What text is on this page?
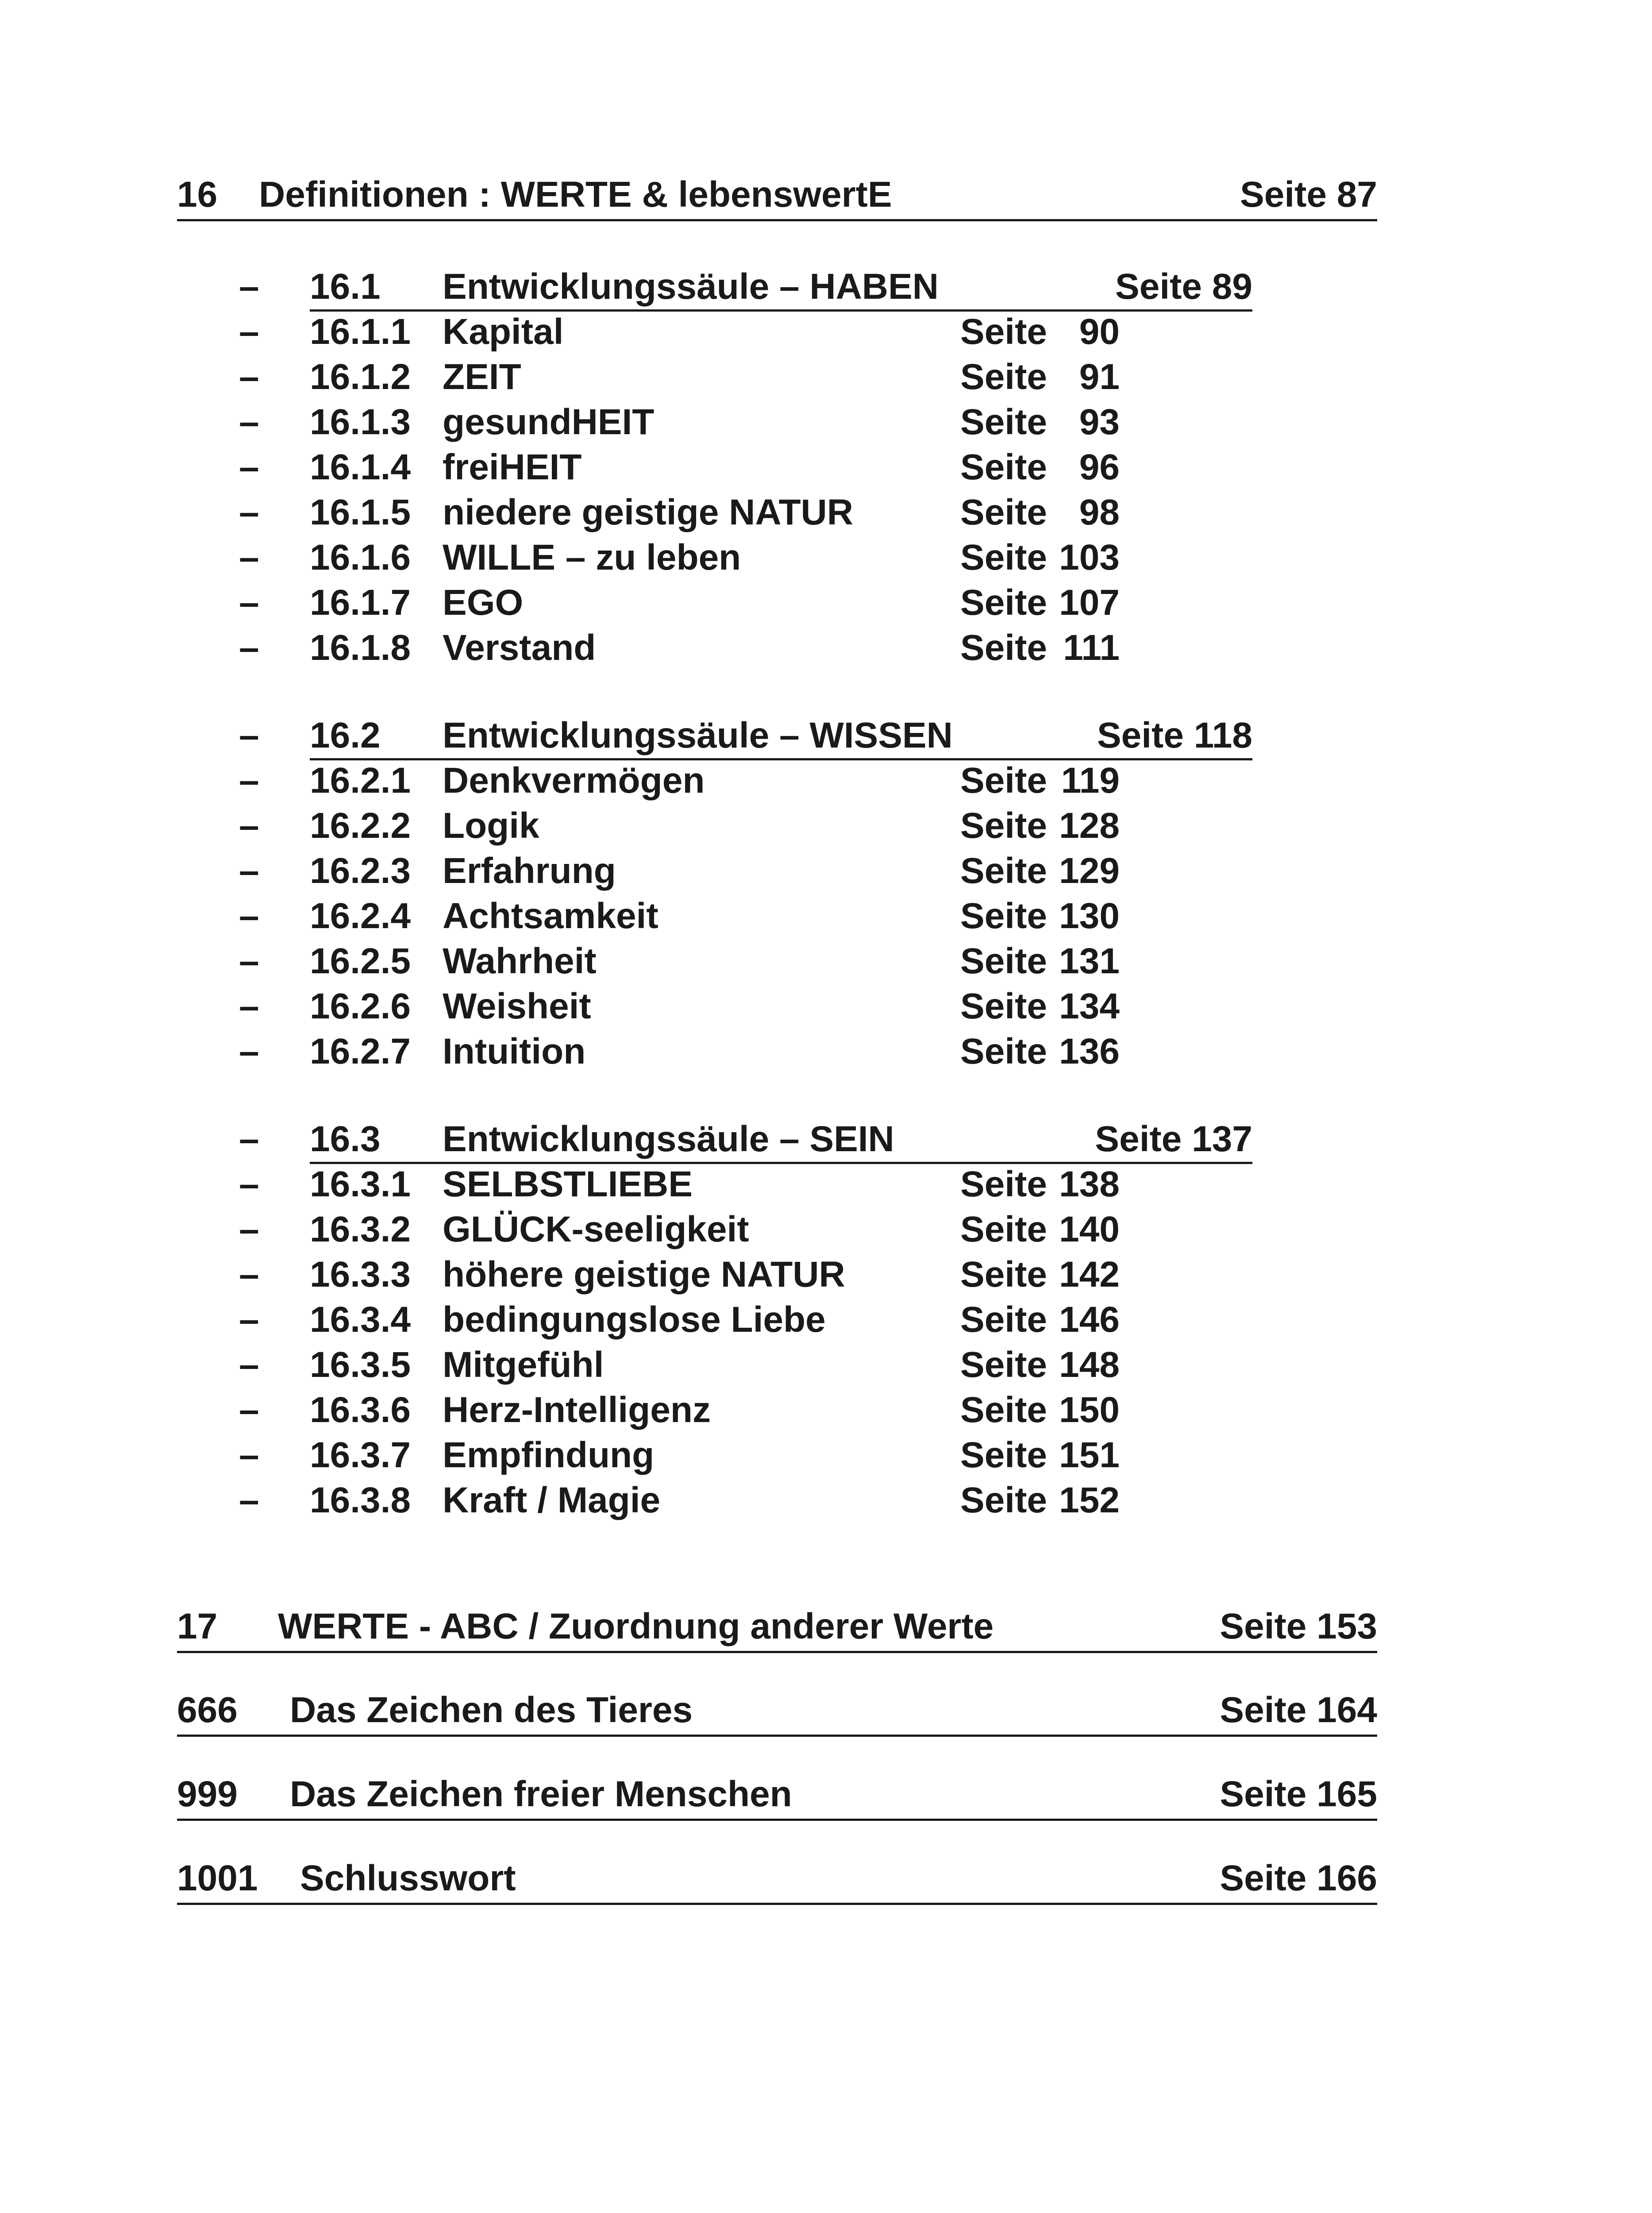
16 Definitionen : WERTE & lebenswertE	Seite 87
– 16.1 Entwicklungssäule – HABEN	Seite 89
– 16.1.1 Kapital	Seite 90
– 16.1.2 ZEIT	Seite 91
– 16.1.3 gesundHEIT	Seite 93
– 16.1.4 freiHEIT	Seite 96
– 16.1.5 niedere geistige NATUR	Seite 98
– 16.1.6 WILLE – zu leben	Seite 103
– 16.1.7 EGO	Seite 107
– 16.1.8 Verstand	Seite 111
– 16.2 Entwicklungssäule – WISSEN	Seite 118
– 16.2.1 Denkvermögen	Seite 119
– 16.2.2 Logik	Seite 128
– 16.2.3 Erfahrung	Seite 129
– 16.2.4 Achtsamkeit	Seite 130
– 16.2.5 Wahrheit	Seite 131
– 16.2.6 Weisheit	Seite 134
– 16.2.7 Intuition	Seite 136
– 16.3 Entwicklungssäule – SEIN	Seite 137
– 16.3.1 SELBSTLIEBE	Seite 138
– 16.3.2 GLÜCK-seeligkeit	Seite 140
– 16.3.3 höhere geistige NATUR	Seite 142
– 16.3.4 bedingungslose Liebe	Seite 146
– 16.3.5 Mitgefühl	Seite 148
– 16.3.6 Herz-Intelligenz	Seite 150
– 16.3.7 Empfindung	Seite 151
– 16.3.8 Kraft / Magie	Seite 152
17 WERTE - ABC / Zuordnung anderer Werte	Seite 153
666 Das Zeichen des Tieres	Seite 164
999 Das Zeichen freier Menschen	Seite 165
1001 Schlusswort	Seite 166
